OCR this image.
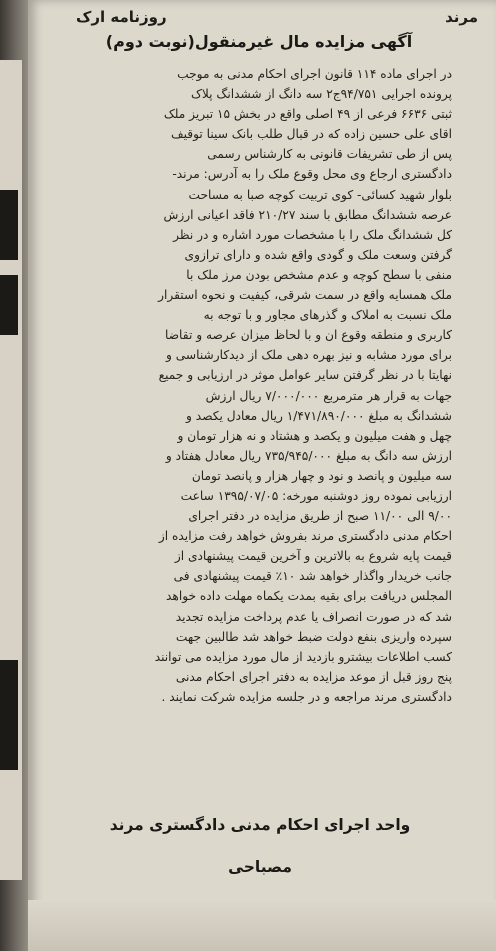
روزنامه ارک	مرند
آگهی مزایده مال غیرمنقول(نوبت دوم)
در اجرای ماده ۱۱۴ قانون اجرای احکام مدنی به موجب
پرونده اجرایی ۹۴/۷۵۱ج۲ سه دانگ از ششدانگ پلاک
ثبتی ۶۶۳۶ فرعی از ۴۹ اصلی واقع در بخش ۱۵ تبریز ملک
اقای علی حسین زاده که در قبال طلب بانک سینا توقیف
پس از طی تشریفات قانونی به کارشناس رسمی
دادگستری ارجاع وی محل وقوع ملک را به آدرس: مرند-
بلوار شهید کسائی- کوی تربیت کوچه صبا به مساحت
عرصه ششدانگ مطابق با سند ۲۱۰/۲۷ فاقد اعیانی ارزش
کل ششدانگ ملک را با مشخصات مورد اشاره و در نظر
گرفتن وسعت ملک و گودی واقع شده و دارای ترازوی
منفی با سطح کوچه و عدم مشخص بودن مرز ملک با
ملک همسایه واقع در سمت شرقی، کیفیت و نحوه استقرار
ملک نسبت به املاک و گذرهای مجاور و با توجه به
کاربری و منطقه وقوع ان و با لحاظ میزان عرصه و تقاضا
برای مورد مشابه و نیز بهره دهی ملک از دیدکارشناسی و
نهایتا با در نظر گرفتن سایر عوامل موثر در ارزیابی و جمیع
جهات به قرار هر مترمربع ۷/۰۰۰/۰۰۰ ریال ارزش
ششدانگ به مبلغ ۱/۴۷۱/۸۹۰/۰۰۰ ریال معادل یکصد و
چهل و هفت میلیون و یکصد و هشتاد و نه هزار تومان و
ارزش سه دانگ به مبلغ ۷۳۵/۹۴۵/۰۰۰ ریال معادل هفتاد و
سه میلیون و پانصد و نود و چهار هزار و پانصد تومان
ارزیابی نموده روز دوشنبه مورخه: ۱۳۹۵/۰۷/۰۵ ساعت
۹/۰۰ الی ۱۱/۰۰ صبح از طریق مزایده در دفتر اجرای
احکام مدنی دادگستری مرند بفروش خواهد رفت مزایده از
قیمت پایه شروع به بالاترین و آخرین قیمت پیشنهادی از
جانب خریدار واگذار خواهد شد ۱۰٪ قیمت پیشنهادی فی
المجلس دریافت برای بقیه بمدت یکماه مهلت داده خواهد
شد که در صورت انصراف یا عدم پرداخت مزایده تجدید
سپرده واریزی بنفع دولت ضبط خواهد شد طالبین جهت
کسب اطلاعات بیشترو بازدید از مال مورد مزایده می توانند
پنج روز قبل از موعد مزایده به دفتر اجرای احکام مدنی
دادگستری مرند مراجعه و در جلسه مزایده شرکت نمایند .
واحد اجرای احکام مدنی دادگستری مرند
مصباحی
